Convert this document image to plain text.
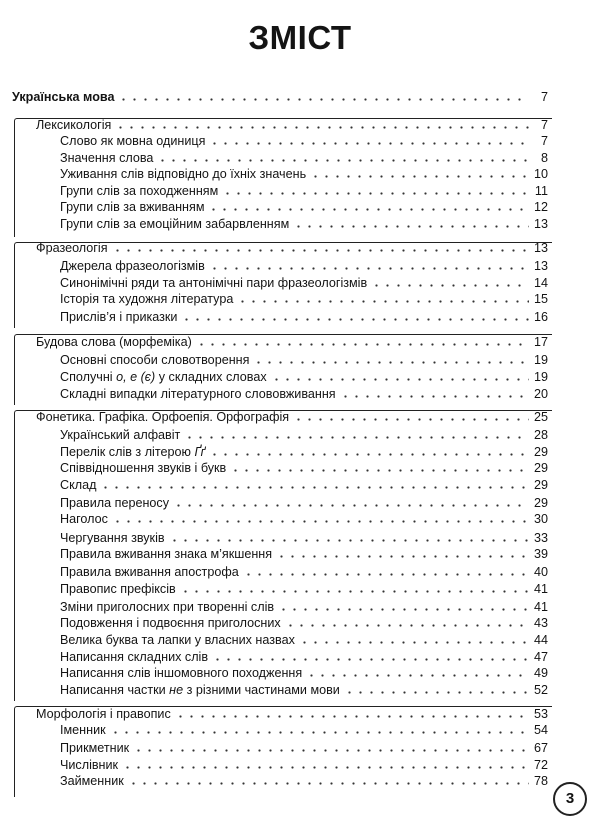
ЗМІСТ
Українська мова	7
Лексикологія	7
Слово як мовна одиниця	7
Значення слова	8
Уживання слів відповідно до їхніх значень	10
Групи слів за походженням	11
Групи слів за вживанням	12
Групи слів за емоційним забарвленням	13
Фразеологія	13
Джерела фразеологізмів	13
Синонімічні ряди та антонімічні пари фразеологізмів	14
Історія та художня література	15
Прислів’я і приказки	16
Будова слова (морфеміка)	17
Основні способи словотворення	19
Сполучні о, е (є) у складних словах	19
Складні випадки літературного слововживання	20
Фонетика. Графіка. Орфоепія. Орфографія	25
Український алфавіт	28
Перелік слів з літерою Ґґ	29
Співвідношення звуків і букв	29
Склад	29
Правила переносу	29
Наголос	30
Чергування звуків	33
Правила вживання знака м’якшення	39
Правила вживання апострофа	40
Правопис префіксів	41
Зміни приголосних при творенні слів	41
Подовження і подвоєння приголосних	43
Велика буква та лапки у власних назвах	44
Написання складних слів	47
Написання слів іншомовного походження	49
Написання частки не з різними частинами мови	52
Морфологія і правопис	53
Іменник	54
Прикметник	67
Числівник	72
Займенник	78
3
